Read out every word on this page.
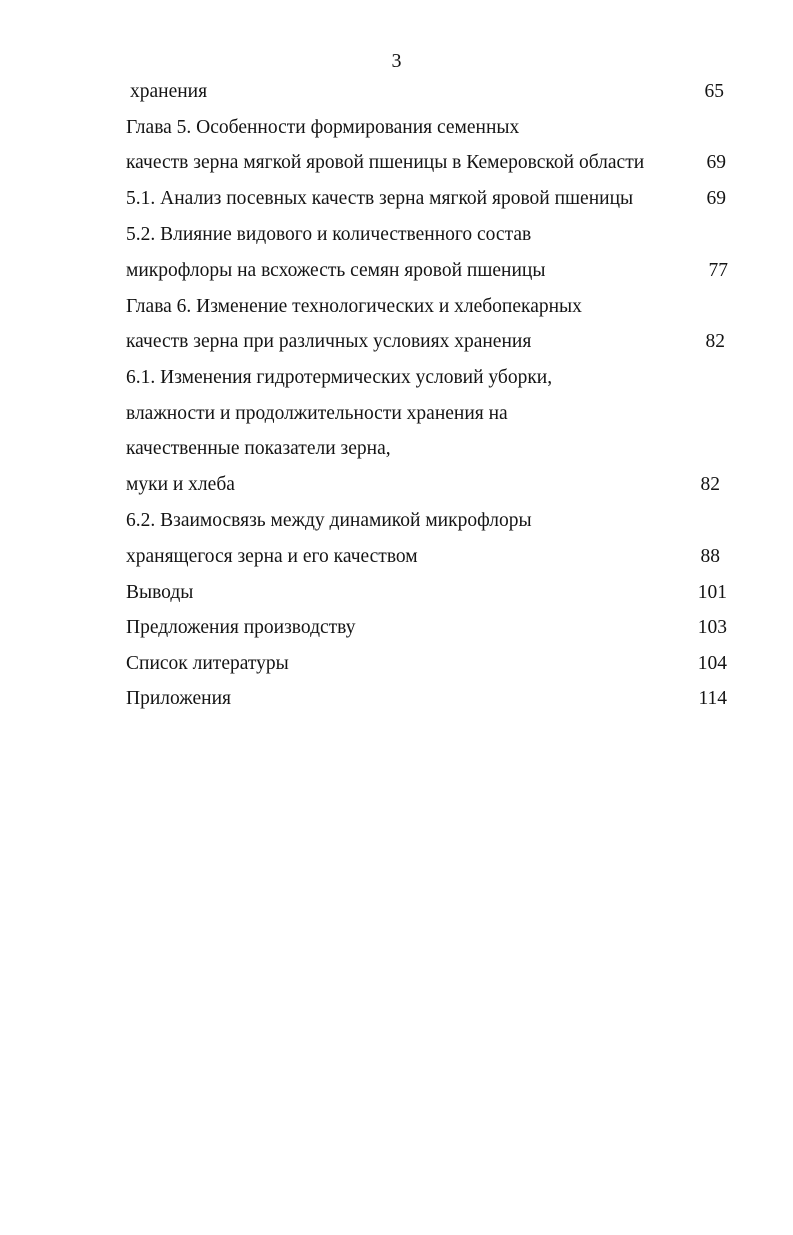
3
хранения	65
Глава 5. Особенности формирования семенных
качеств зерна мягкой яровой пшеницы в Кемеровской области	69
5.1. Анализ посевных качеств зерна мягкой яровой пшеницы	69
5.2. Влияние видового и количественного состав
микрофлоры на всхожесть семян яровой пшеницы	77
Глава 6. Изменение технологических и хлебопекарных
качеств зерна при различных условиях хранения	82
6.1. Изменения гидротермических условий уборки,
влажности и продолжительности хранения на
качественные показатели зерна,
муки и хлеба	82
6.2. Взаимосвязь между динамикой микрофлоры
хранящегося зерна и его качеством	88
Выводы	101
Предложения производству	103
Список литературы	104
Приложения	114
